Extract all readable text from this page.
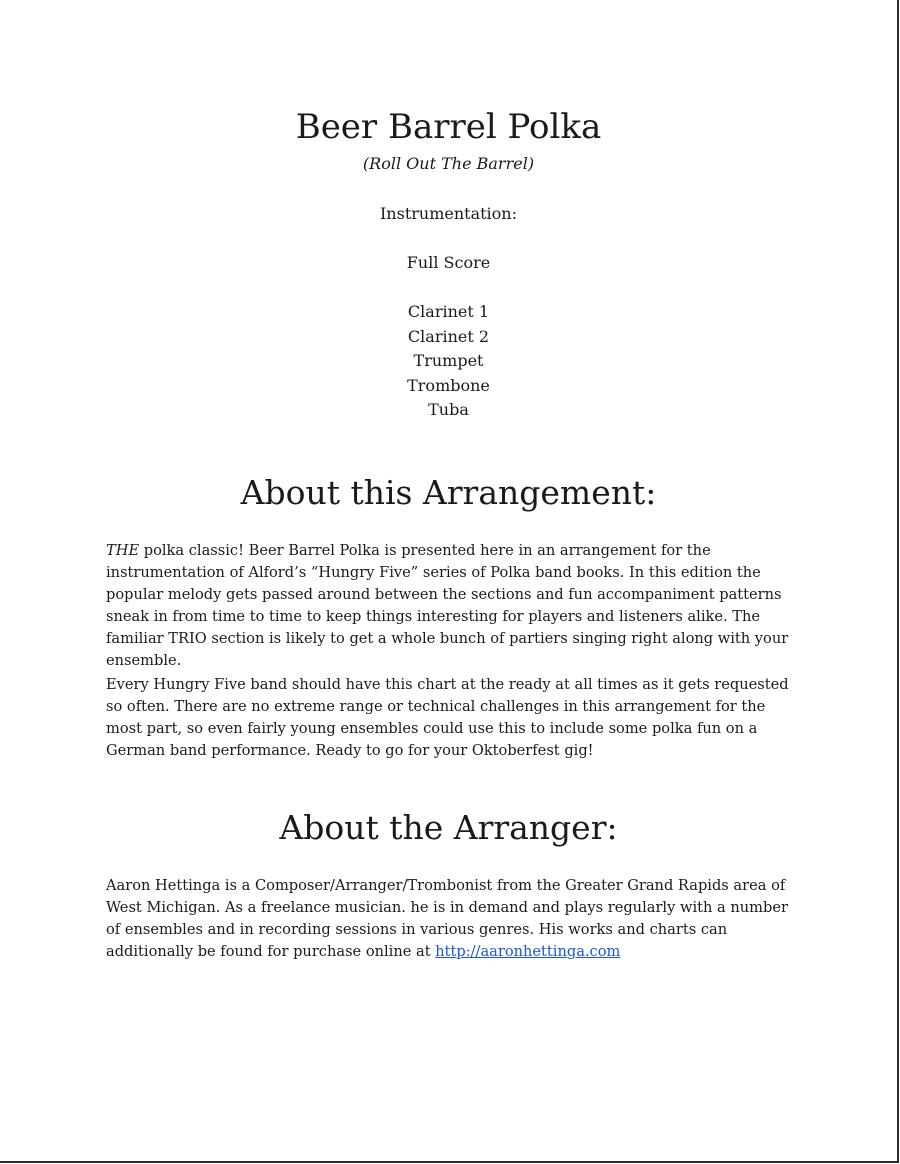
Beer Barrel Polka

(Roll Out The Barrel)

Instrumentation:

Full Score

Clarinet 1
Clarinet 2
Trumpet
Trombone
Tuba
About this Arrangement:

THE polka classic! Beer Barrel Polka is presented here in an arrangement for the instrumentation of Alford’s “Hungry Five” series of Polka band books. In this edition the popular melody gets passed around between the sections and fun accompaniment patterns sneak in from time to time to keep things interesting for players and listeners alike. The familiar TRIO section is likely to get a whole bunch of partiers singing right along with your ensemble.

Every Hungry Five band should have this chart at the ready at all times as it gets requested so often. There are no extreme range or technical challenges in this arrangement for the most part, so even fairly young ensembles could use this to include some polka fun on a German band performance. Ready to go for your Oktoberfest gig!

About the Arranger:

Aaron Hettinga is a Composer/Arranger/Trombonist from the Greater Grand Rapids area of West Michigan. As a freelance musician. he is in demand and plays regularly with a number of ensembles and in recording sessions in various genres. His works and charts can additionally be found for purchase online at http://aaronhettinga.com
